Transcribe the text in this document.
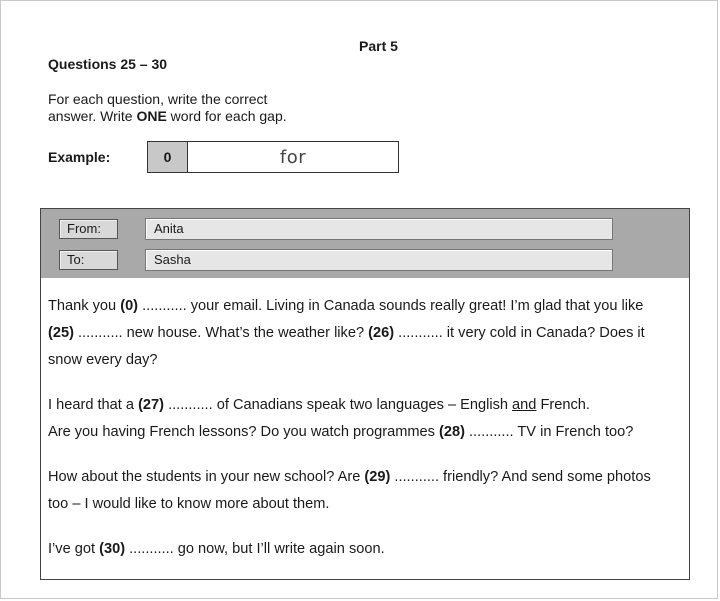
Part 5
Questions 25 – 30
For each question, write the correct
answer. Write ONE word for each gap.
Example:	0	for
From:	Anita
To:	Sasha

Thank you (0) ........... your email. Living in Canada sounds really great! I’m glad that you like

(25) ........... new house. What’s the weather like? (26) ........... it very cold in Canada? Does it

snow every day?

I heard that a (27) ........... of Canadians speak two languages – English and French.

Are you having French lessons? Do you watch programmes (28) ........... TV in French too?

How about the students in your new school? Are (29) ........... friendly? And send some photos

too – I would like to know more about them.

I’ve got (30) ........... go now, but I’ll write again soon.
